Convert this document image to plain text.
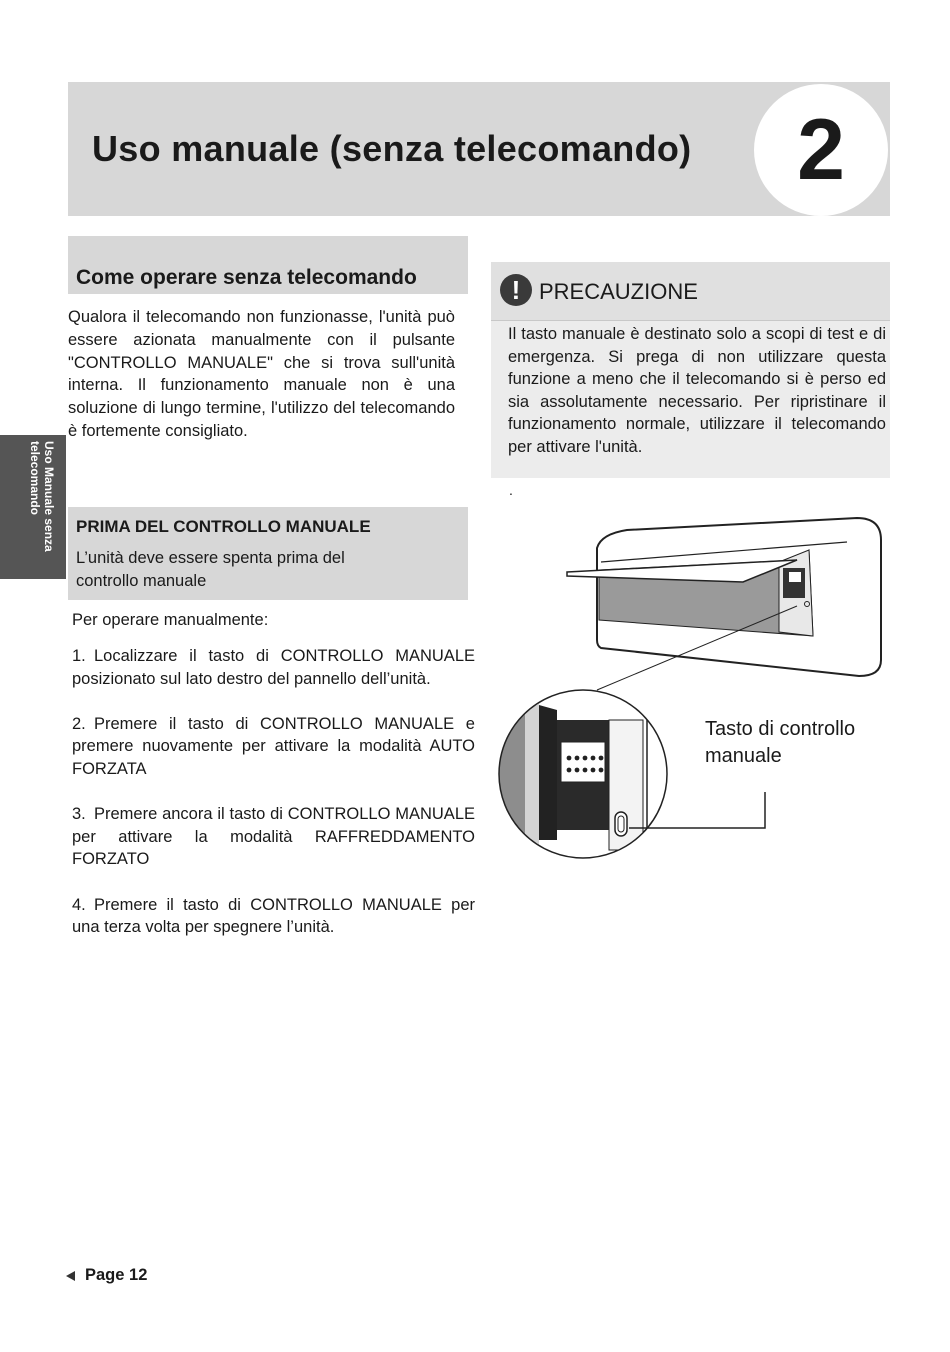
Uso manuale (senza telecomando)	2
Uso Manuale senza telecomando
Come operare senza telecomando

Qualora il telecomando non funzionasse, l'unità può essere azionata manualmente con il pulsante "CONTROLLO MANUALE" che si trova sull'unità interna. Il funzionamento manuale non è una soluzione di lungo termine, l'utilizzo del telecomando è fortemente consigliato.

! PRECAUZIONE

Il tasto manuale è destinato solo a scopi di test e di emergenza. Si prega di non utilizzare questa funzione a meno che il telecomando si è perso ed sia assolutamente necessario. Per ripristinare il funzionamento normale, utilizzare il telecomando per attivare l'unità.

.
PRIMA DEL CONTROLLO MANUALE

L’unità deve essere spenta prima del controllo manuale

Per operare manualmente:
1. Localizzare il tasto di CONTROLLO MANUALE posizionato sul lato destro del pannello dell’unità.
2. Premere il tasto di CONTROLLO MANUALE e premere nuovamente per attivare la modalità AUTO FORZATA
3. Premere ancora il tasto di CONTROLLO MANUALE per attivare la modalità RAFFREDDAMENTO FORZATO
4. Premere il tasto di CONTROLLO MANUALE per una terza volta per spegnere l’unità.
Tasto di controllo
manuale
Page 12
